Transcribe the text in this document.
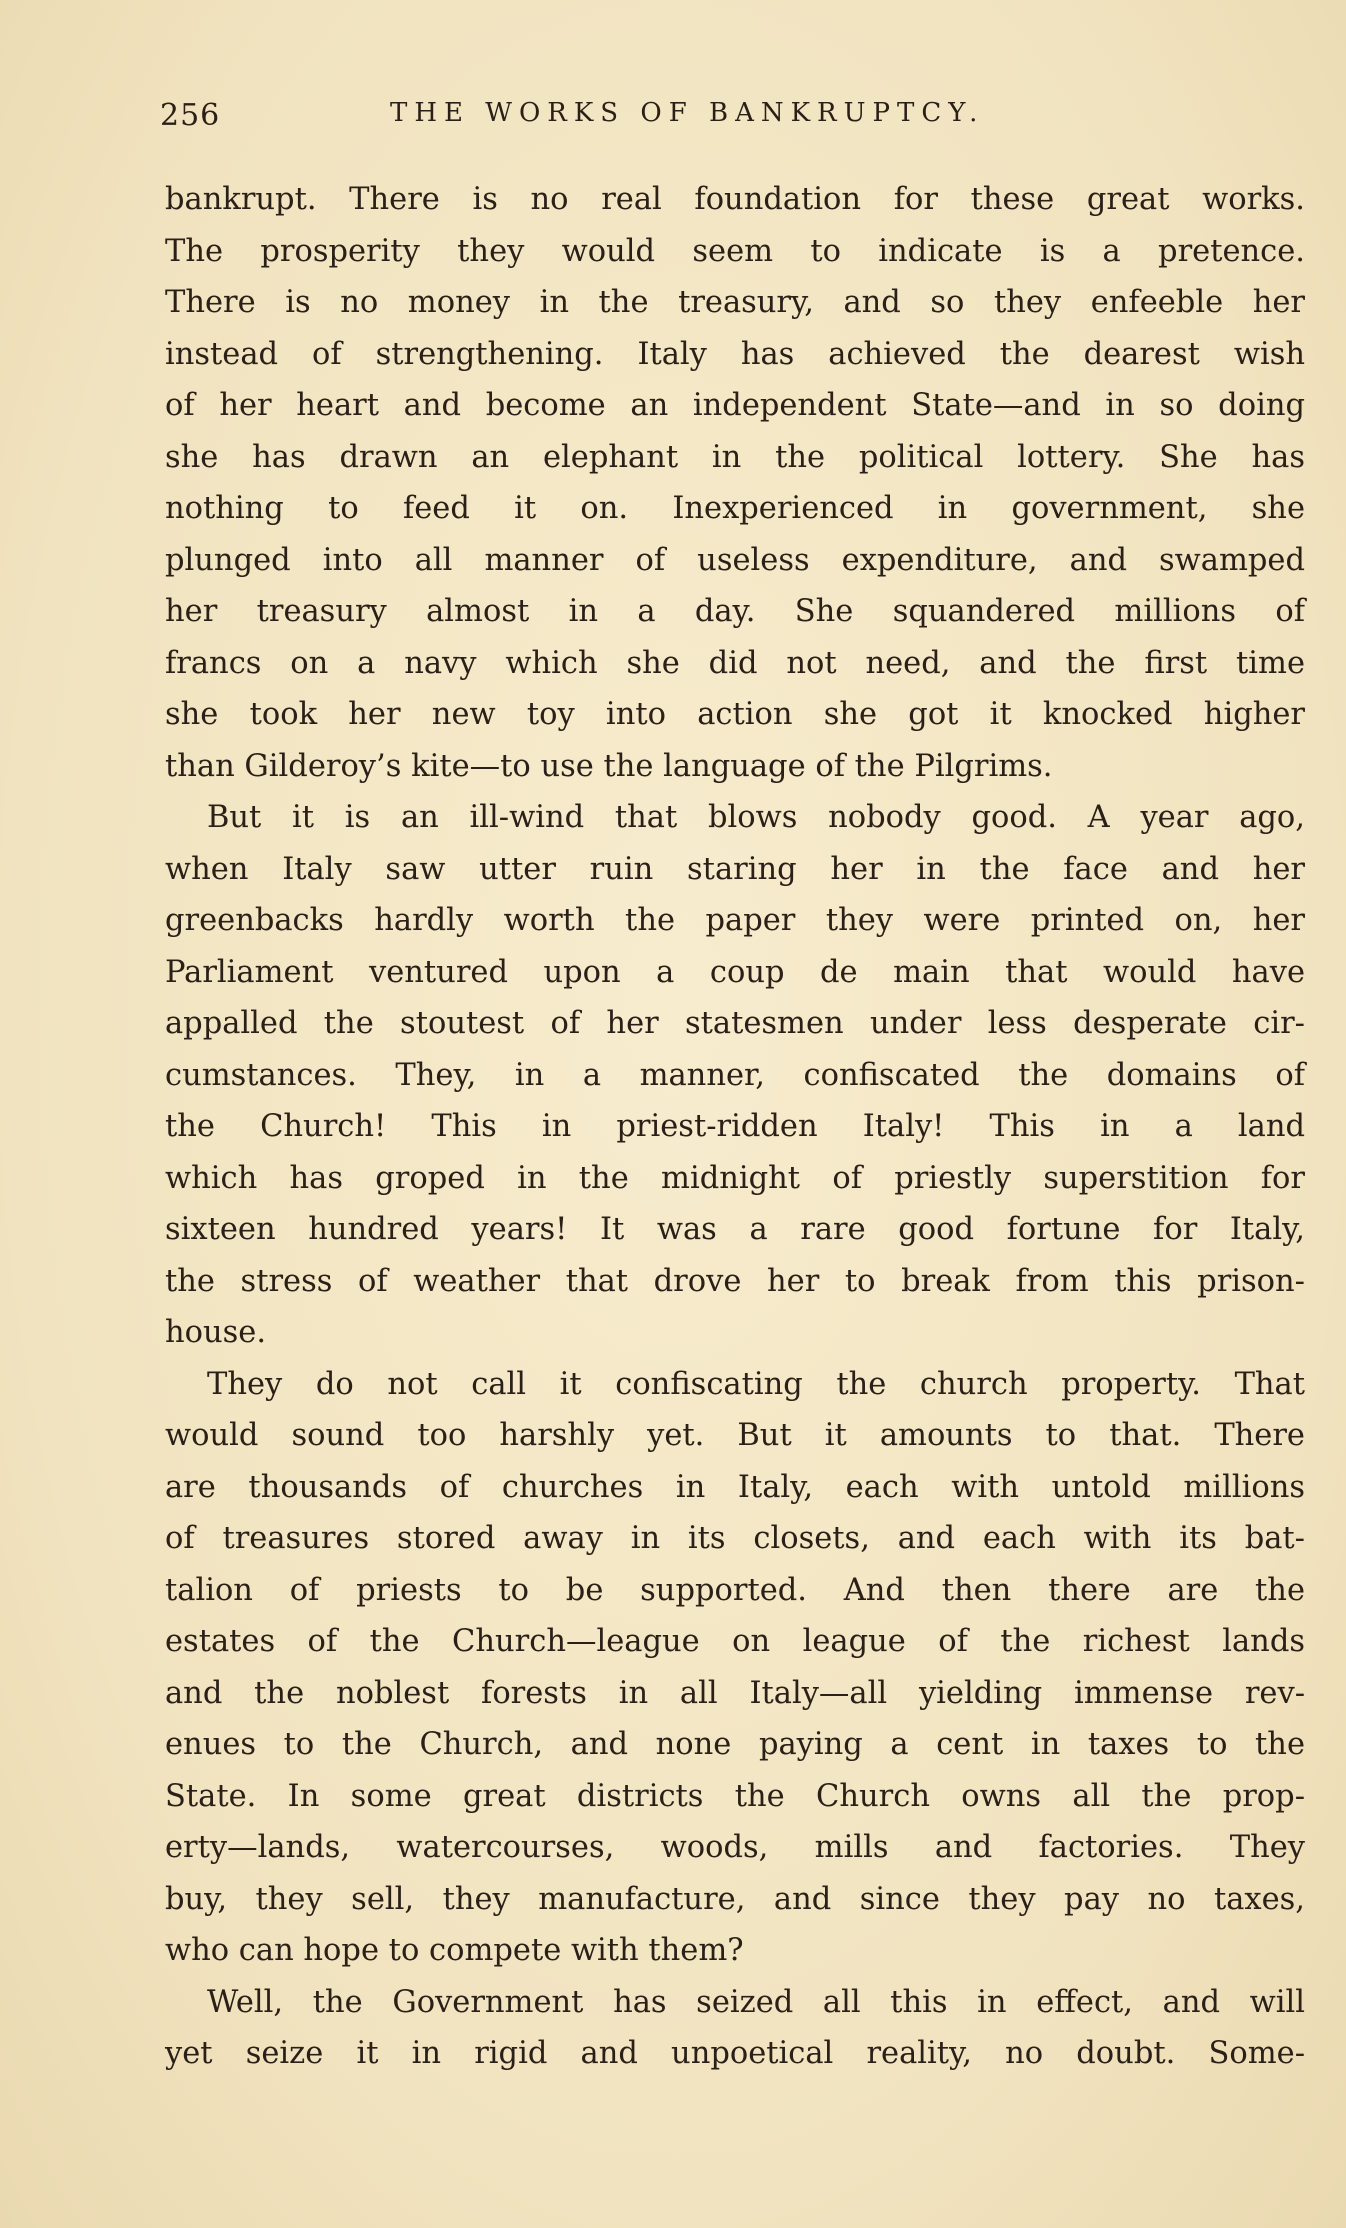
256	THE WORKS OF BANKRUPTCY.
bankrupt. There is no real foundation for these great works.
The prosperity they would seem to indicate is a pretence.
There is no money in the treasury, and so they enfeeble her
instead of strengthening. Italy has achieved the dearest wish
of her heart and become an independent State—and in so doing
she has drawn an elephant in the political lottery. She has
nothing to feed it on. Inexperienced in government, she
plunged into all manner of useless expenditure, and swamped
her treasury almost in a day. She squandered millions of
francs on a navy which she did not need, and the first time
she took her new toy into action she got it knocked higher
than Gilderoy’s kite—to use the language of the Pilgrims.
But it is an ill-wind that blows nobody good. A year ago,
when Italy saw utter ruin staring her in the face and her
greenbacks hardly worth the paper they were printed on, her
Parliament ventured upon a coup de main that would have
appalled the stoutest of her statesmen under less desperate cir-
cumstances. They, in a manner, confiscated the domains of
the Church! This in priest-ridden Italy! This in a land
which has groped in the midnight of priestly superstition for
sixteen hundred years! It was a rare good fortune for Italy,
the stress of weather that drove her to break from this prison-
house.
They do not call it confiscating the church property. That
would sound too harshly yet. But it amounts to that. There
are thousands of churches in Italy, each with untold millions
of treasures stored away in its closets, and each with its bat-
talion of priests to be supported. And then there are the
estates of the Church—league on league of the richest lands
and the noblest forests in all Italy—all yielding immense rev-
enues to the Church, and none paying a cent in taxes to the
State. In some great districts the Church owns all the prop-
erty—lands, watercourses, woods, mills and factories. They
buy, they sell, they manufacture, and since they pay no taxes,
who can hope to compete with them?
Well, the Government has seized all this in effect, and will
yet seize it in rigid and unpoetical reality, no doubt. Some-
